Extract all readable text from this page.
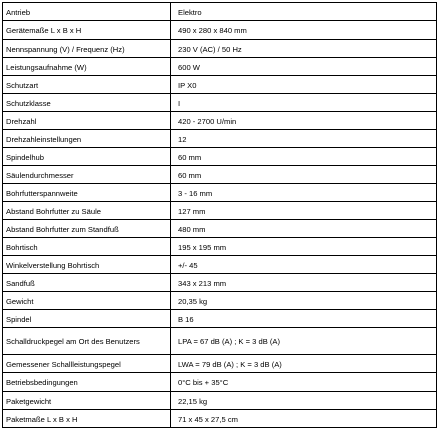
Antrieb	Elektro
Gerätemaße L x B x H	490 x 280 x 840 mm
Nennspannung (V) / Frequenz (Hz)	230 V (AC) / 50 Hz
Leistungsaufnahme (W)	600 W
Schutzart	IP X0
Schutzklasse	I
Drehzahl	420 - 2700 U/min
Drehzahleinstellungen	12
Spindelhub	60 mm
Säulendurchmesser	60 mm
Bohrfutterspannweite	3 - 16 mm
Abstand Bohrfutter zu Säule	127 mm
Abstand Bohrfutter zum Standfuß	480 mm
Bohrtisch	195 x 195 mm
Winkelverstellung Bohrtisch	+/- 45
Sandfuß	343 x 213 mm
Gewicht	20,35 kg
Spindel	B 16
Schalldruckpegel am Ort des Benutzers	LPA = 67 dB (A) ; K = 3 dB (A)
Gemessener Schallleistungspegel	LWA = 79 dB (A) ; K = 3 dB (A)
Betriebsbedingungen	0°C bis + 35°C
Paketgewicht	22,15 kg
Paketmaße L x B x H	71 x 45 x 27,5 cm
